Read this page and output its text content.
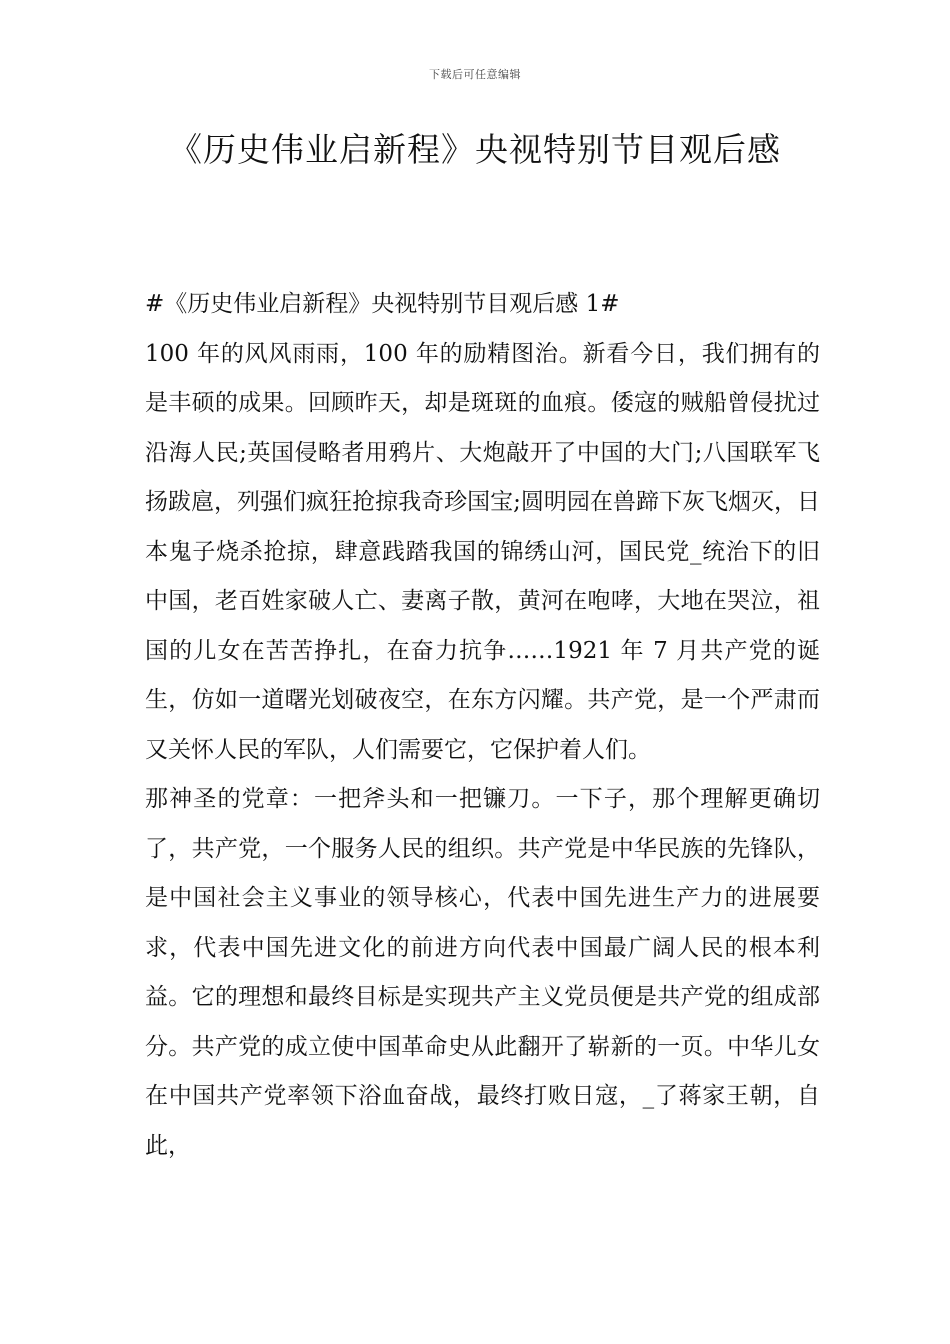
下载后可任意编辑
《历史伟业启新程》央视特别节目观后感

#《历史伟业启新程》央视特别节目观后感 1#

100 年的风风雨雨，100 年的励精图治。新看今日，我们拥有的是丰硕的成果。回顾昨天，却是斑斑的血痕。倭寇的贼船曾侵扰过沿海人民;英国侵略者用鸦片、大炮敲开了中国的大门;八国联军飞扬跋扈，列强们疯狂抢掠我奇珍国宝;圆明园在兽蹄下灰飞烟灭，日本鬼子烧杀抢掠，肆意践踏我国的锦绣山河，国民党_统治下的旧中国，老百姓家破人亡、妻离子散，黄河在咆哮，大地在哭泣，祖国的儿女在苦苦挣扎，在奋力抗争……1921 年 7 月共产党的诞生，仿如一道曙光划破夜空，在东方闪耀。共产党，是一个严肃而又关怀人民的军队，人们需要它，它保护着人们。

那神圣的党章：一把斧头和一把镰刀。一下子，那个理解更确切了，共产党，一个服务人民的组织。共产党是中华民族的先锋队，是中国社会主义事业的领导核心，代表中国先进生产力的进展要求，代表中国先进文化的前进方向代表中国最广阔人民的根本利益。它的理想和最终目标是实现共产主义党员便是共产党的组成部分。共产党的成立使中国革命史从此翻开了崭新的一页。中华儿女在中国共产党率领下浴血奋战，最终打败日寇，_了蒋家王朝，自此，
